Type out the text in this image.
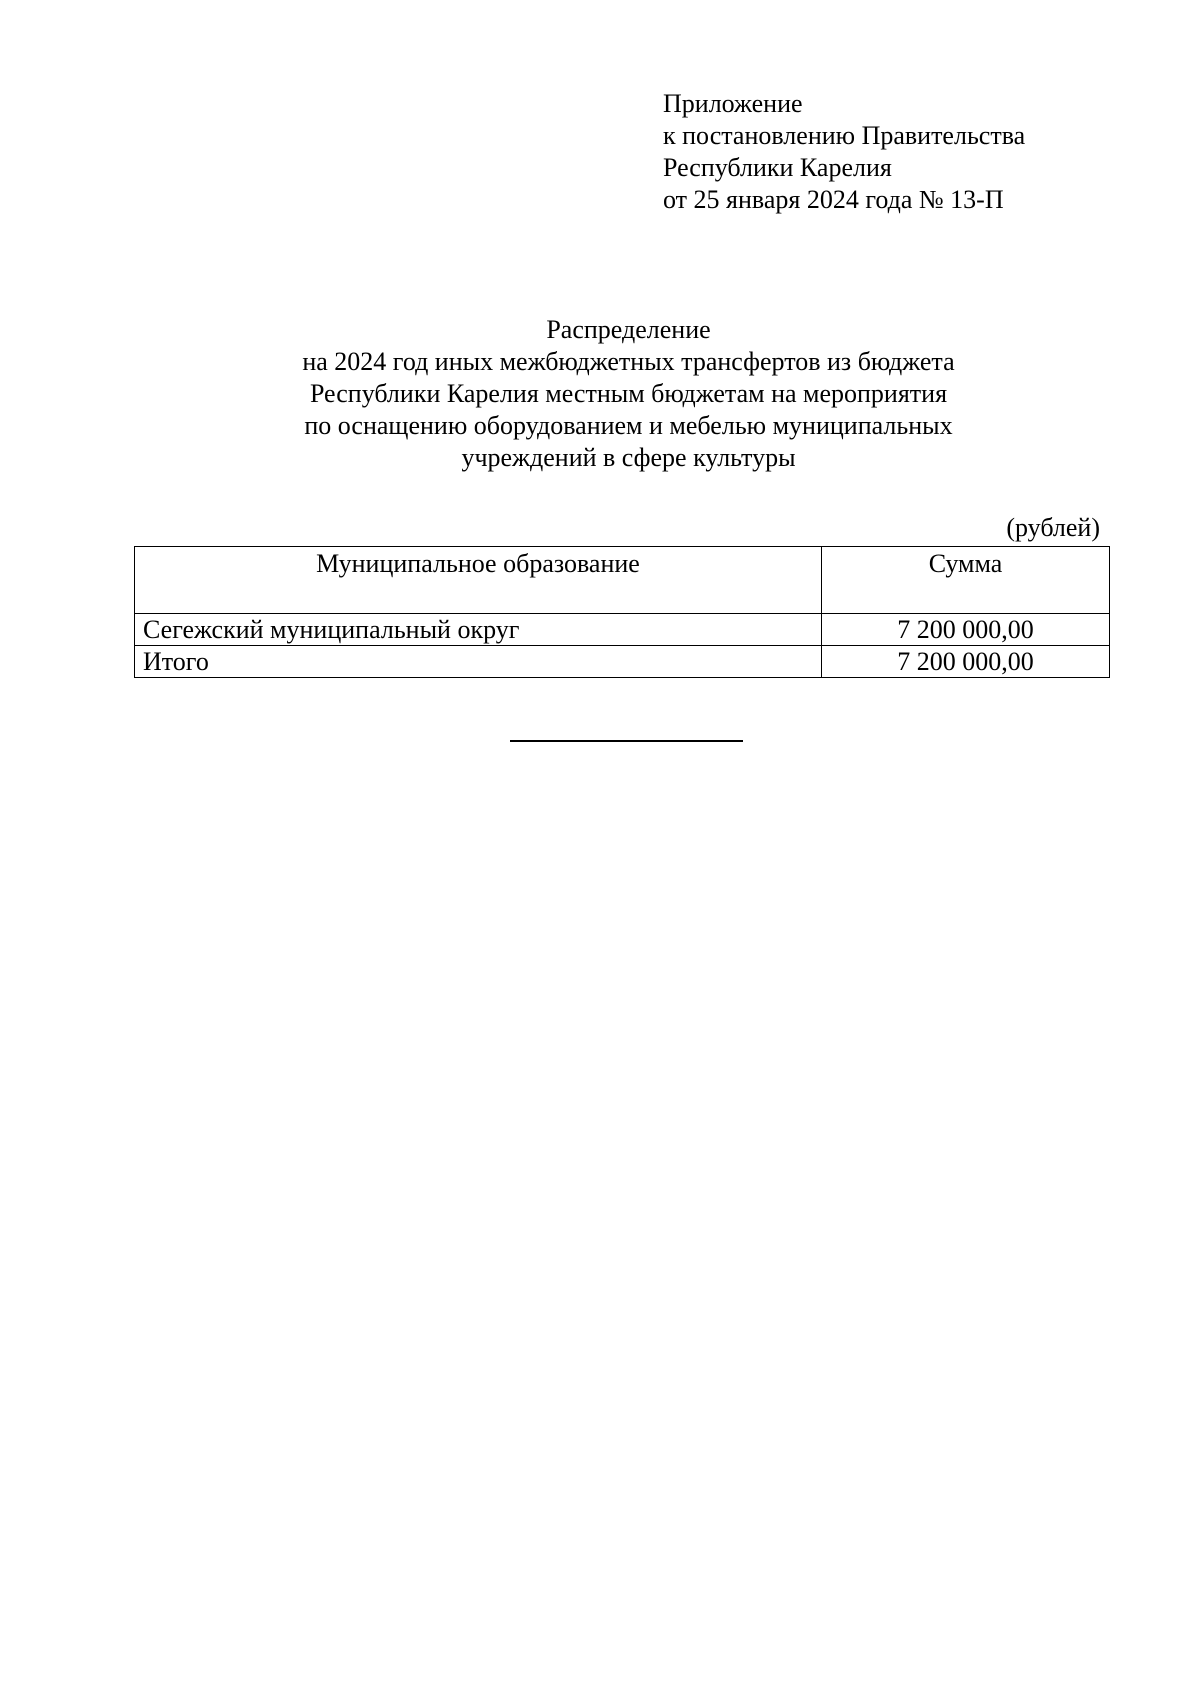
Приложение
к постановлению Правительства
Республики Карелия
от 25 января 2024 года № 13-П
Распределение
на 2024 год иных межбюджетных трансфертов из бюджета
Республики Карелия местным бюджетам на мероприятия
по оснащению оборудованием и мебелью муниципальных
учреждений в сфере культуры
(рублей)
Муниципальное образование	Сумма
Сегежский муниципальный округ	7 200 000,00
Итого	7 200 000,00
